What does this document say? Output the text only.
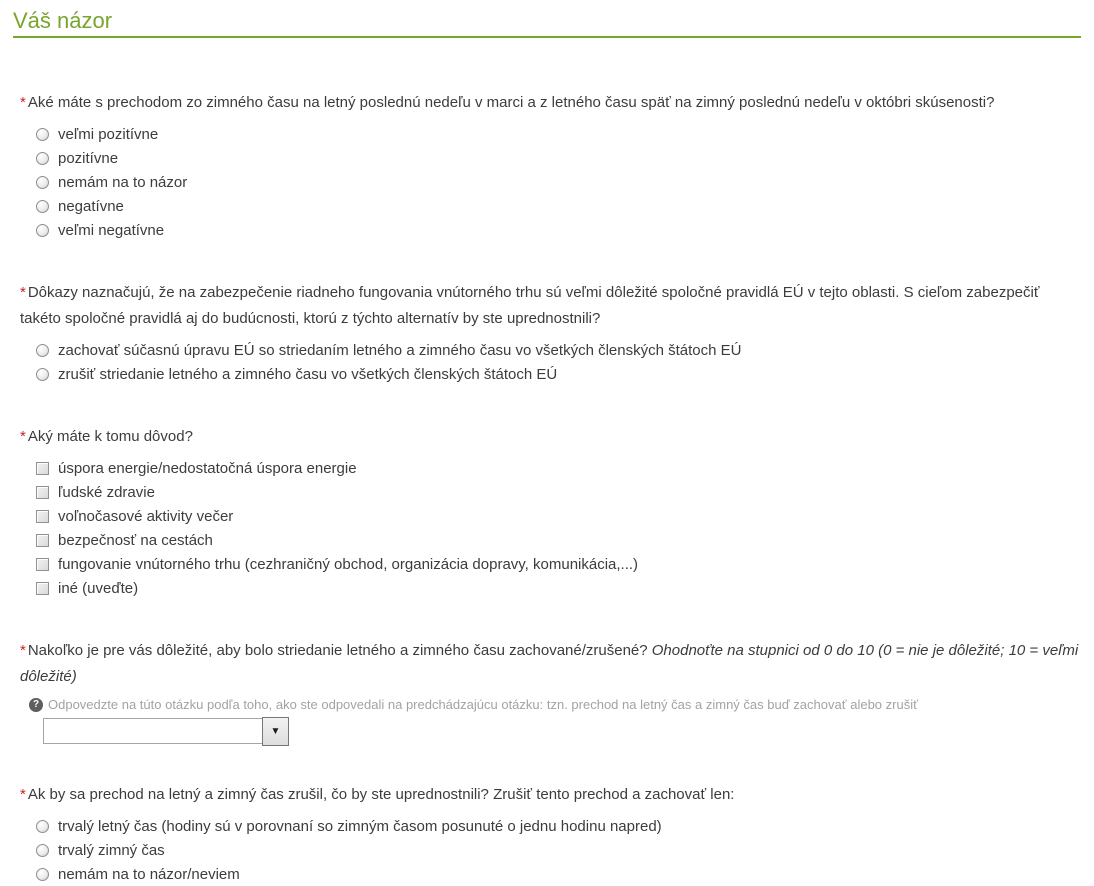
Váš názor
* Aké máte s prechodom zo zimného času na letný poslednú nedeľu v marci a z letného času späť na zimný poslednú nedeľu v októbri skúsenosti?
veľmi pozitívne
pozitívne
nemám na to názor
negatívne
veľmi negatívne
* Dôkazy naznačujú, že na zabezpečenie riadneho fungovania vnútorného trhu sú veľmi dôležité spoločné pravidlá EÚ v tejto oblasti. S cieľom zabezpečiť takéto spoločné pravidlá aj do budúcnosti, ktorú z týchto alternatív by ste uprednostnili?
zachovať súčasnú úpravu EÚ so striedaním letného a zimného času vo všetkých členských štátoch EÚ
zrušiť striedanie letného a zimného času vo všetkých členských štátoch EÚ
* Aký máte k tomu dôvod?
úspora energie/nedostatočná úspora energie
ľudské zdravie
voľnočasové aktivity večer
bezpečnosť na cestách
fungovanie vnútorného trhu (cezhraničný obchod, organizácia dopravy, komunikácia,...)
iné (uveďte)
* Nakoľko je pre vás dôležité, aby bolo striedanie letného a zimného času zachované/zrušené? Ohodnoťte na stupnici od 0 do 10 (0 = nie je dôležité; 10 = veľmi dôležité)
? Odpovedzte na túto otázku podľa toho, ako ste odpovedali na predchádzajúcu otázku: tzn. prechod na letný čas a zimný čas buď zachovať alebo zrušiť
▼
* Ak by sa prechod na letný a zimný čas zrušil, čo by ste uprednostnili? Zrušiť tento prechod a zachovať len:
trvalý letný čas (hodiny sú v porovnaní so zimným časom posunuté o jednu hodinu napred)
trvalý zimný čas
nemám na to názor/neviem
